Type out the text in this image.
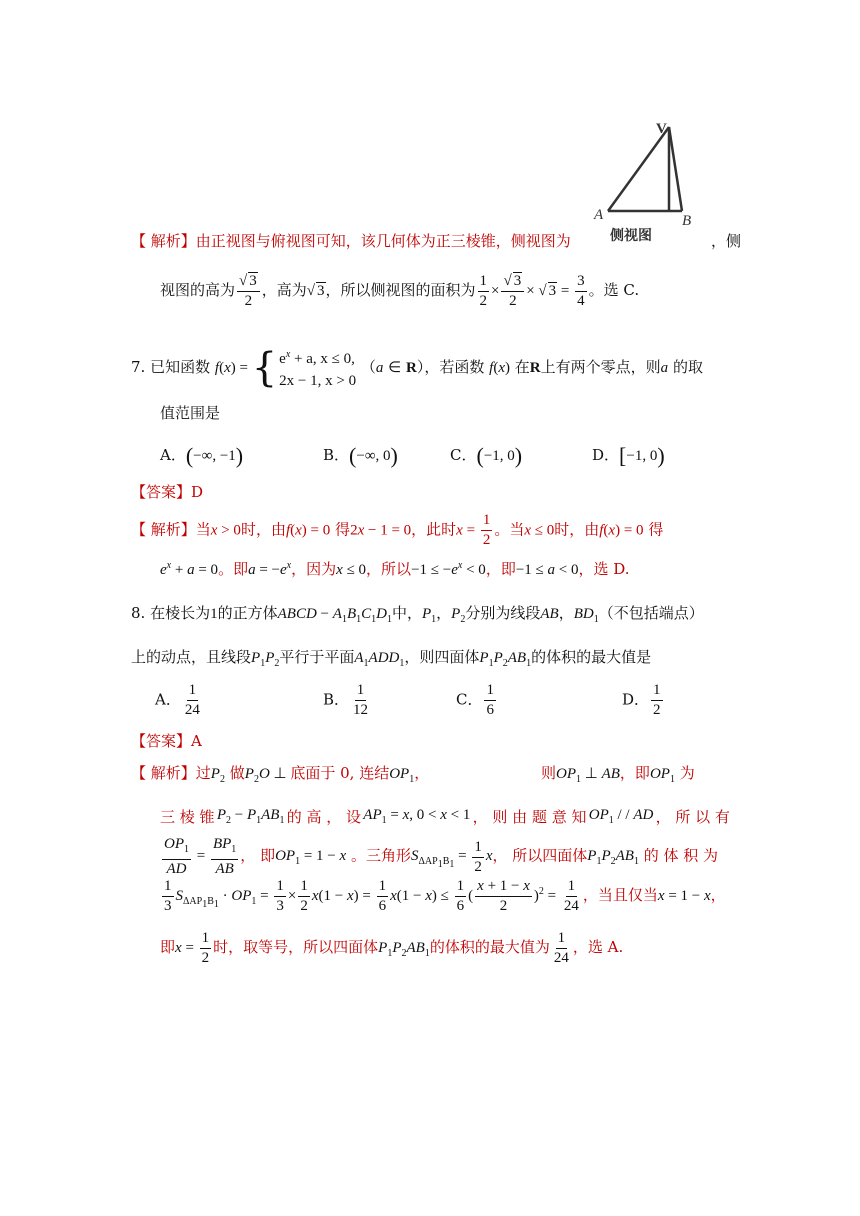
V
A	B
侧视图
【 解析】由正视图与俯视图可知，该几何体为正三棱锥，侧视图为	，侧
视图的高为 $\frac{√ 3}{2}$ ，高为√ 3，所以侧视图的面积为 $\frac{1}{2} \times \frac{√ 3}{2}$ × √ $3 = \frac{3}{4}$ 。选 C.
7. 已知函数 f(x) = { $e^x + a$, x ≤ 0,
2x − 1, x > 0
（a ∈ R），若函数 f(x) 在R上有两个零点，则a 的取
值范围是
A．(−∞, −1)	B．(−∞, 0)	C．(−1, 0)	D．[−1, 0)
【答案】D
【 解析】当x > 0时，由f(x) = 0 得2x − 1 = 0，此时$x = \frac{1}{2}$ 。当x ≤ 0时，由f(x) = 0 得
$e^x + a = 0$。即$a = -e^x$，因为x ≤ 0，所以$-1 \le -e^x < 0$，即−1 ≤ a < 0，选 D.
8. 在棱长为1的正方体ABCD − $A_1B_1C_1D_1$中，$P_1$，$P_2$分别为线段AB，$BD_1$（不包括端点）
上的动点，且线段$P_1P_2$平行于平面$A_1ADD_1$，则四面体$P_1P_2AB_1$的体积的最大值是
A． $\frac{1}{24}$	B． $\frac{1}{12}$	C． $\frac{1}{6}$	D． $\frac{1}{2}$
【答案】A
【 解析】过$P_2$ 做$P_2O$ ⊥ 底面于 0, 连结$OP_1$，	则$OP_1$ ⊥ AB，即$OP_1$ 为
三 棱 锥 $P_2 - P_1AB_1$ 的 高 ， 设 $AP_1 = x$, 0 < x < 1 ， 则 由 题 意 知 $OP_1$ / / AD ， 所 以 有
$\frac{OP_1}{AD} = \frac{BP_1}{AB}$ ， 即$OP_1 = 1 - x$ 。三角形$S_{\Delta AP_1B_1} = \frac{1}{2}$ x， 所以四面体$P_1P_2AB_1$ 的 体 积 为
$\frac{1}{3} S_{\Delta AP_1B_1} \cdot OP_1 = \frac{1}{3} \times \frac{1}{2} x(1 - x) = \frac{1}{6} x(1 - x) \le \frac{1}{6}$ ( $\frac{x + 1 - x}{2} )^2 = \frac{1}{24}$ ，当且仅当x = 1 − x，
即$x = \frac{1}{2}$ 时，取等号，所以四面体$P_1P_2AB_1$的体积的最大值为 $\frac{1}{24}$ ，选 A.
